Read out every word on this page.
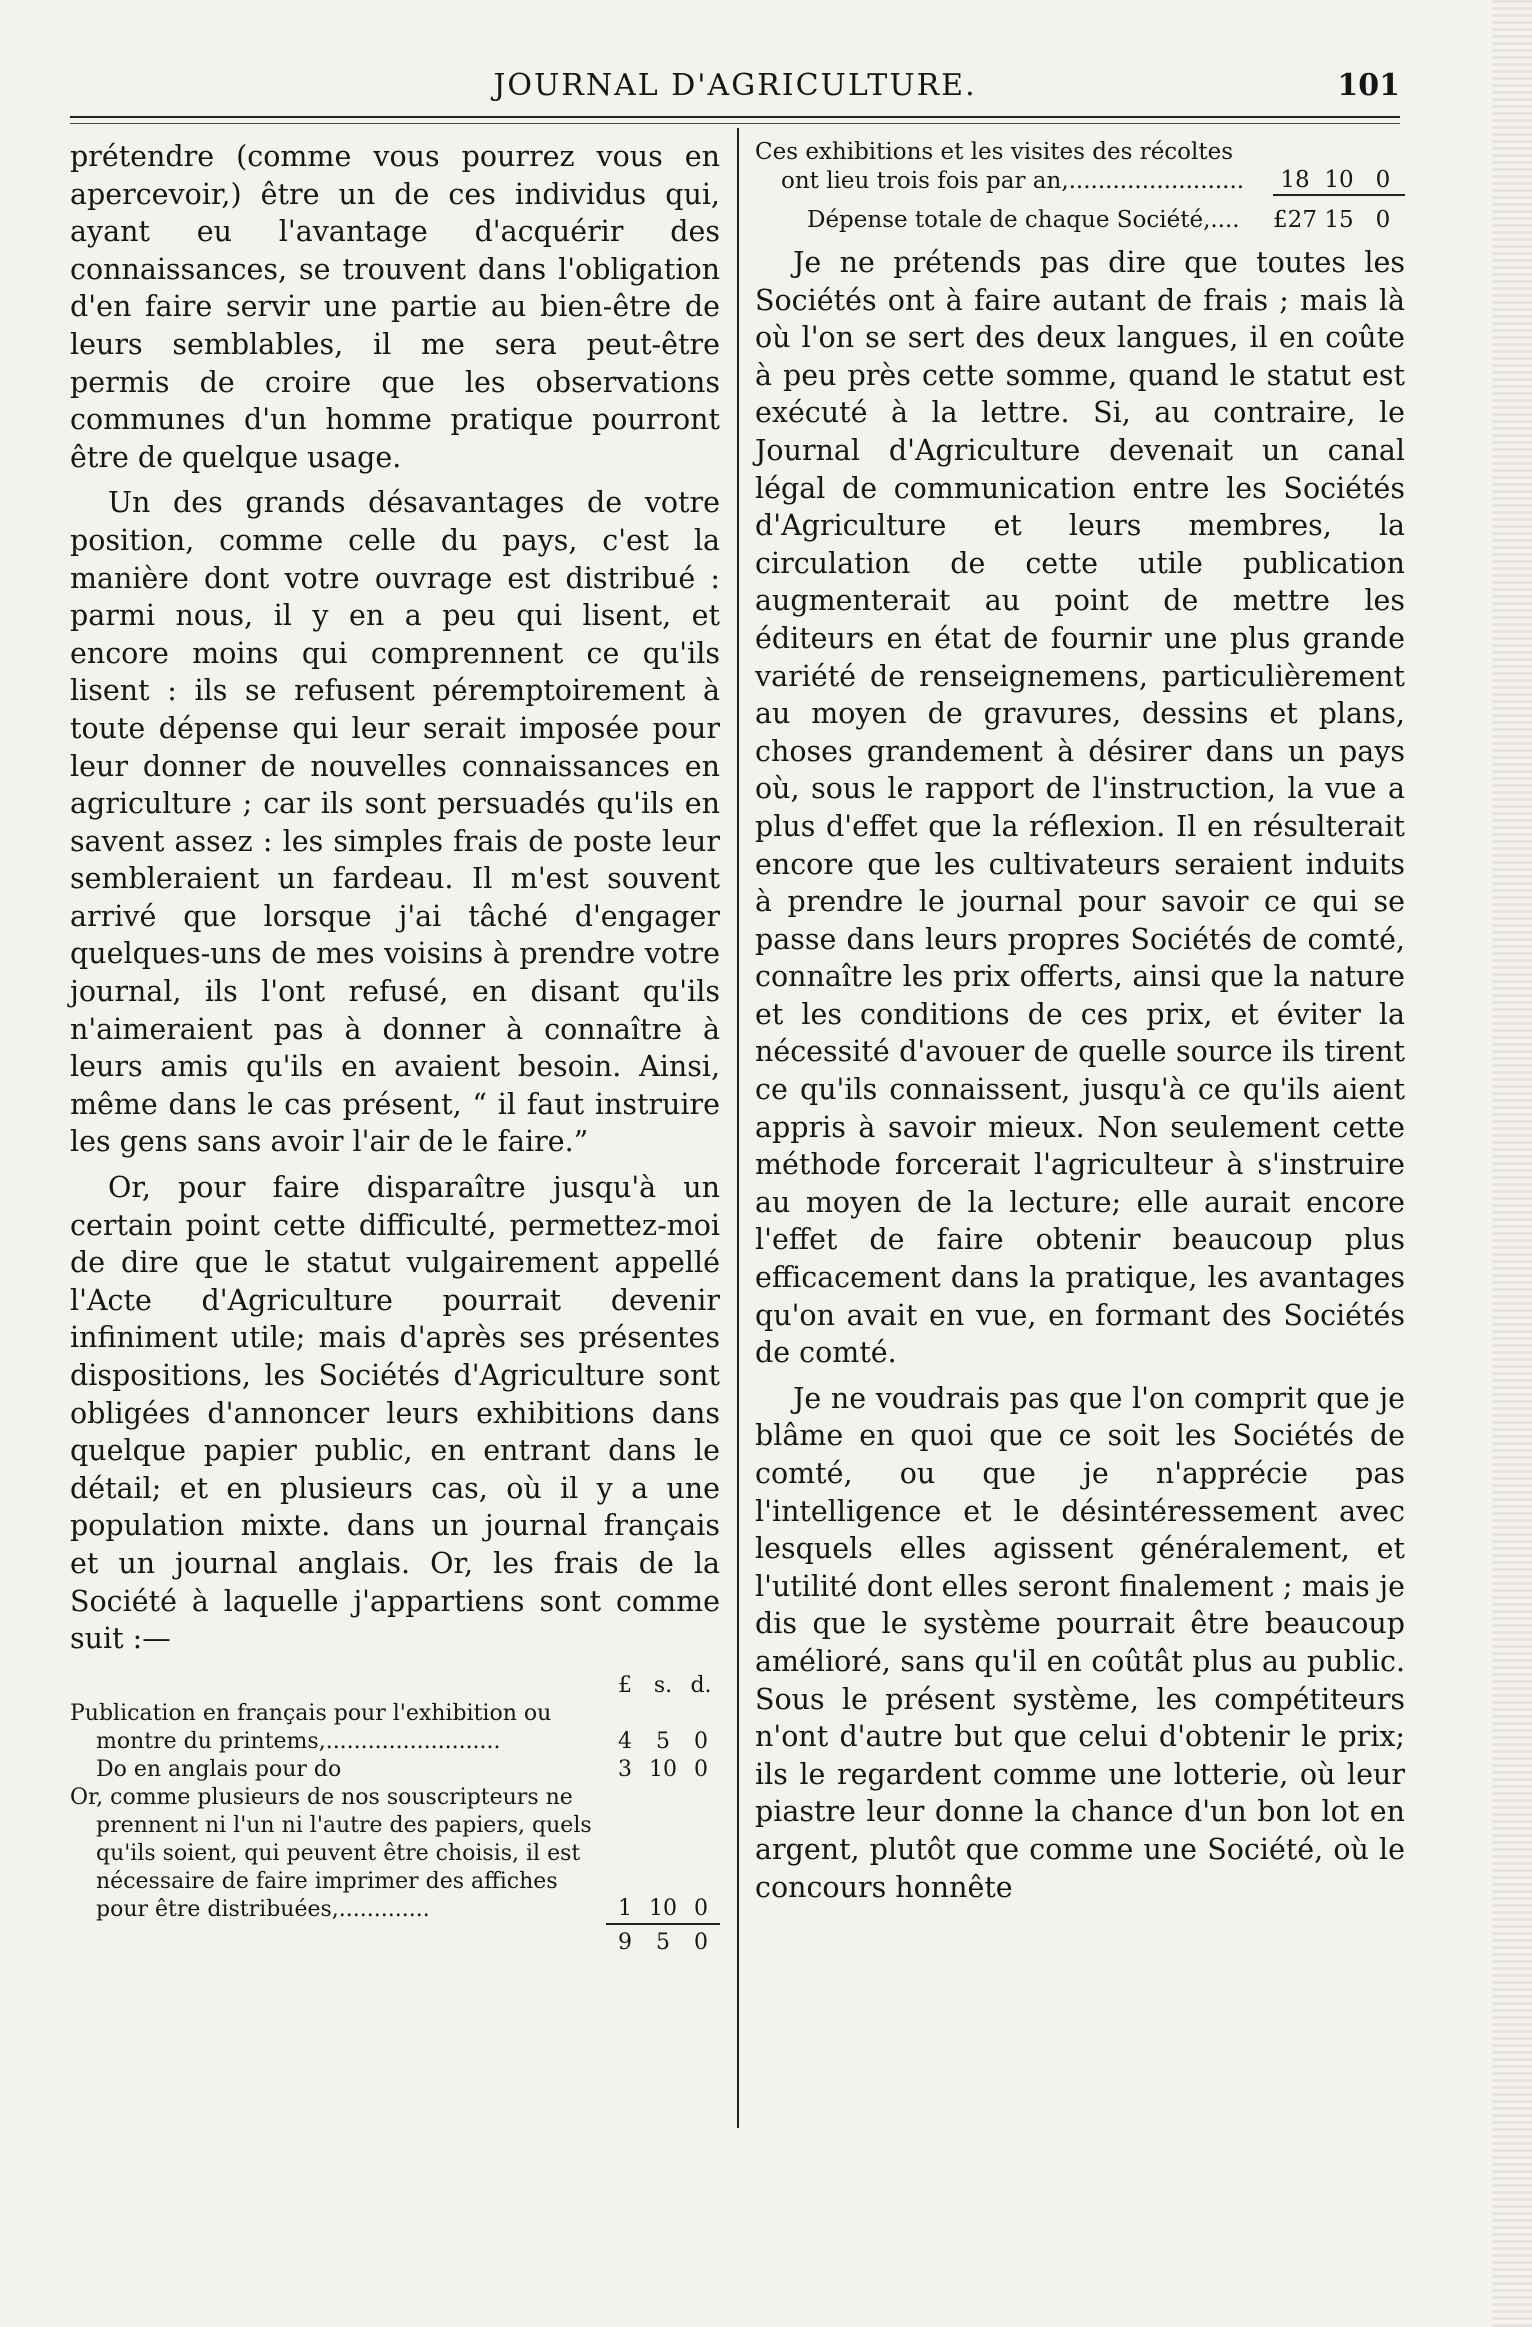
JOURNAL D'AGRICULTURE.	101

prétendre (comme vous pourrez vous en apercevoir,) être un de ces individus qui, ayant eu l'avantage d'acquérir des connaissances, se trouvent dans l'obligation d'en faire servir une partie au bien-être de leurs semblables, il me sera peut-être permis de croire que les observations communes d'un homme pratique pourront être de quelque usage.

Un des grands désavantages de votre position, comme celle du pays, c'est la manière dont votre ouvrage est distribué : parmi nous, il y en a peu qui lisent, et encore moins qui comprennent ce qu'ils lisent : ils se refusent péremptoirement à toute dépense qui leur serait imposée pour leur donner de nouvelles connaissances en agriculture ; car ils sont persuadés qu'ils en savent assez : les simples frais de poste leur sembleraient un fardeau. Il m'est souvent arrivé que lorsque j'ai tâché d'engager quelques-uns de mes voisins à prendre votre journal, ils l'ont refusé, en disant qu'ils n'aimeraient pas à donner à connaître à leurs amis qu'ils en avaient besoin. Ainsi, même dans le cas présent, “ il faut instruire les gens sans avoir l'air de le faire.”

Or, pour faire disparaître jusqu'à un certain point cette difficulté, permettez-moi de dire que le statut vulgairement appellé l'Acte d'Agriculture pourrait devenir infiniment utile; mais d'après ses présentes dispositions, les Sociétés d'Agriculture sont obligées d'annoncer leurs exhibitions dans quelque papier public, en entrant dans le détail; et en plusieurs cas, où il y a une population mixte. dans un journal français et un journal anglais. Or, les frais de la Société à laquelle j'appartiens sont comme suit :—

	£	s.	d.
Publication en français pour l'exhibition ou			
montre du printems,.........................	4	5	0
Do en anglais pour do	3	10	0
Or, comme plusieurs de nos souscripteurs ne			
prennent ni l'un ni l'autre des papiers, quels qu'ils soient, qui peuvent être choisis, il est nécessaire de faire imprimer des affiches pour être distribuées,.............	1	10	0
	9	5	0
Ces exhibitions et les visites des récoltes			
ont lieu trois fois par an,........................	18	10	0
Dépense totale de chaque Société,....	£27	15	0

Je ne prétends pas dire que toutes les Sociétés ont à faire autant de frais ; mais là où l'on se sert des deux langues, il en coûte à peu près cette somme, quand le statut est exécuté à la lettre. Si, au contraire, le Journal d'Agriculture devenait un canal légal de communication entre les Sociétés d'Agriculture et leurs membres, la circulation de cette utile publication augmenterait au point de mettre les éditeurs en état de fournir une plus grande variété de renseignemens, particulièrement au moyen de gravures, dessins et plans, choses grandement à désirer dans un pays où, sous le rapport de l'instruction, la vue a plus d'effet que la réflexion. Il en résulterait encore que les cultivateurs seraient induits à prendre le journal pour savoir ce qui se passe dans leurs propres Sociétés de comté, connaître les prix offerts, ainsi que la nature et les conditions de ces prix, et éviter la nécessité d'avouer de quelle source ils tirent ce qu'ils connaissent, jusqu'à ce qu'ils aient appris à savoir mieux. Non seulement cette méthode forcerait l'agriculteur à s'instruire au moyen de la lecture; elle aurait encore l'effet de faire obtenir beaucoup plus efficacement dans la pratique, les avantages qu'on avait en vue, en formant des Sociétés de comté.

Je ne voudrais pas que l'on comprit que je blâme en quoi que ce soit les Sociétés de comté, ou que je n'apprécie pas l'intelligence et le désintéressement avec lesquels elles agissent généralement, et l'utilité dont elles seront finalement ; mais je dis que le système pourrait être beaucoup amélioré, sans qu'il en coûtât plus au public. Sous le présent système, les compétiteurs n'ont d'autre but que celui d'obtenir le prix; ils le regardent comme une lotterie, où leur piastre leur donne la chance d'un bon lot en argent, plutôt que comme une Société, où le concours honnête
